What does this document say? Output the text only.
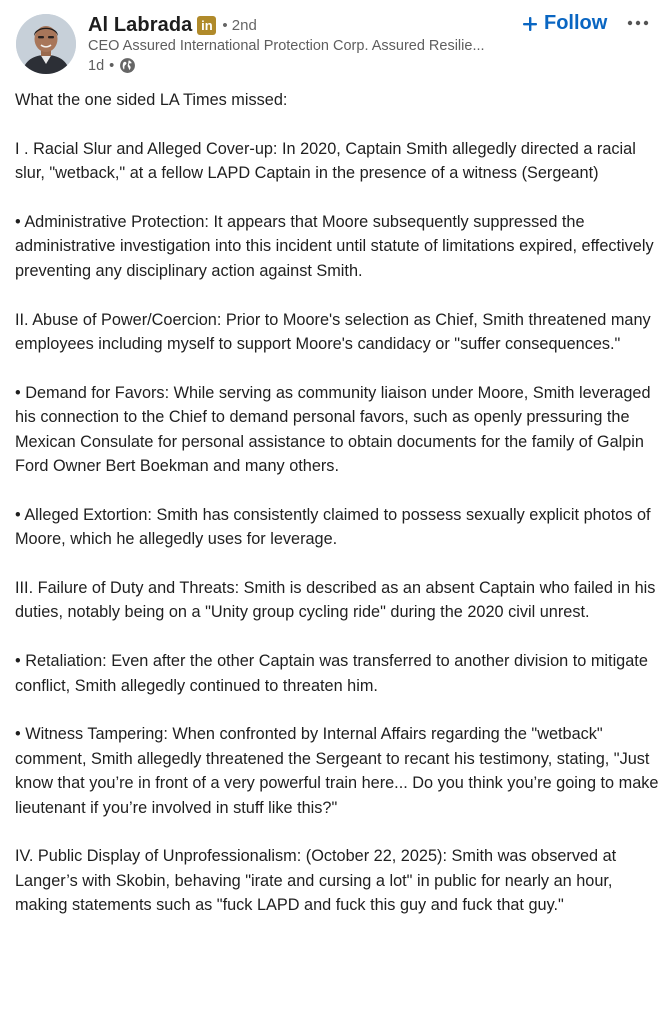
Al Labrada in • 2nd
CEO Assured International Protection Corp. Assured Resilie...
1d •
Follow

What the one sided LA Times missed:

I . Racial Slur and Alleged Cover-up: In 2020, Captain Smith allegedly directed a racial slur, "wetback," at a fellow LAPD Captain in the presence of a witness (Sergeant)

• Administrative Protection: It appears that Moore subsequently suppressed the administrative investigation into this incident until statute of limitations expired, effectively preventing any disciplinary action against Smith.

II. Abuse of Power/Coercion: Prior to Moore's selection as Chief, Smith threatened many employees including myself to support Moore's candidacy or "suffer consequences."

• Demand for Favors: While serving as community liaison under Moore, Smith leveraged his connection to the Chief to demand personal favors, such as openly pressuring the Mexican Consulate for personal assistance to obtain documents for the family of Galpin Ford Owner Bert Boekman and many others.

• Alleged Extortion: Smith has consistently claimed to possess sexually explicit photos of Moore, which he allegedly uses for leverage.

III. Failure of Duty and Threats: Smith is described as an absent Captain who failed in his duties, notably being on a "Unity group cycling ride" during the 2020 civil unrest.

• Retaliation: Even after the other Captain was transferred to another division to mitigate conflict, Smith allegedly continued to threaten him.

• Witness Tampering: When confronted by Internal Affairs regarding the "wetback" comment, Smith allegedly threatened the Sergeant to recant his testimony, stating, "Just know that you’re in front of a very powerful train here... Do you think you’re going to make lieutenant if you’re involved in stuff like this?"

IV. Public Display of Unprofessionalism: (October 22, 2025): Smith was observed at Langer’s with Skobin, behaving "irate and cursing a lot" in public for nearly an hour, making statements such as "fuck LAPD and fuck this guy and fuck that guy."
